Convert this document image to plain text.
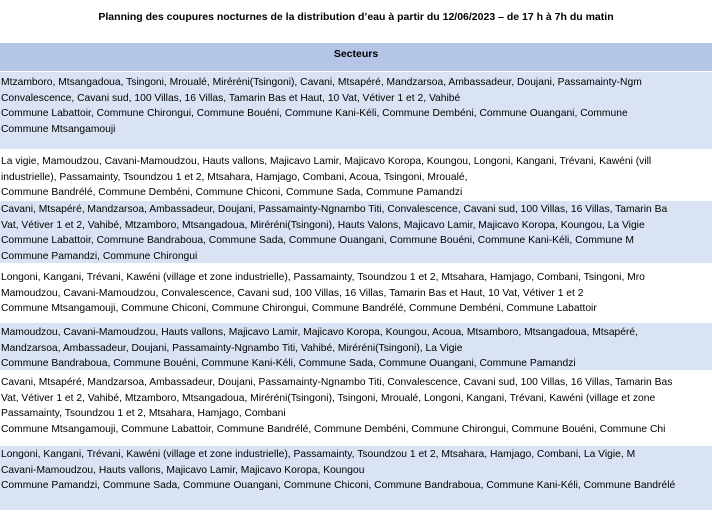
Planning des coupures nocturnes de la distribution d’eau à partir du 12/06/2023 – de 17 h à 7h du matin
Secteurs
Mtzamboro, Mtsangadoua, Tsingoni, Mroualé, Miréréni(Tsingoni), Cavani, Mtsapéré, Mandzarsoa, Ambassadeur, Doujani, Passamainty-Ngm
Convalescence, Cavani sud, 100 Villas, 16 Villas, Tamarin Bas et Haut, 10 Vat, Vétiver 1 et 2, Vahibé
Commune Labattoir, Commune Chirongui, Commune Bouéni, Commune Kani-Kéli, Commune Dembéni, Commune Ouangani, Commune
Commune Mtsangamouji
La vigie, Mamoudzou, Cavani-Mamoudzou, Hauts vallons, Majicavo Lamir, Majicavo Koropa, Koungou, Longoni, Kangani, Trévani, Kawéni (vill
industrielle), Passamainty, Tsoundzou 1 et 2, Mtsahara, Hamjago, Combani, Acoua, Tsingoni, Mroualé,
Commune Bandrélé, Commune Dembéni, Commune Chiconi, Commune Sada, Commune Pamandzi
Cavani, Mtsapéré, Mandzarsoa, Ambassadeur, Doujani, Passamainty-Ngnambo Titi, Convalescence, Cavani sud, 100 Villas, 16 Villas, Tamarin Ba
Vat, Vétiver 1 et 2, Vahibé, Mtzamboro, Mtsangadoua, Miréréni(Tsingoni), Hauts Valons, Majicavo Lamir, Majicavo Koropa, Koungou, La Vigie
Commune Labattoir, Commune Bandraboua, Commune Sada, Commune Ouangani, Commune Bouéni, Commune Kani-Kéli, Commune M
Commune Pamandzi, Commune Chirongui
Longoni, Kangani, Trévani, Kawéni (village et zone industrielle), Passamainty, Tsoundzou 1 et 2, Mtsahara, Hamjago, Combani, Tsingoni, Mro
Mamoudzou, Cavani-Mamoudzou, Convalescence, Cavani sud, 100 Villas, 16 Villas, Tamarin Bas et Haut, 10 Vat, Vétiver 1 et 2
Commune Mtsangamouji, Commune Chiconi, Commune Chirongui, Commune Bandrélé, Commune Dembéni, Commune Labattoir
Mamoudzou, Cavani-Mamoudzou, Hauts vallons, Majicavo Lamir, Majicavo Koropa, Koungou, Acoua, Mtsamboro, Mtsangadoua, Mtsapéré,
Mandzarsoa, Ambassadeur, Doujani, Passamainty-Ngnambo Titi, Vahibé, Miréréni(Tsingoni), La Vigie
Commune Bandraboua, Commune Bouéni, Commune Kani-Kéli, Commune Sada, Commune Ouangani, Commune Pamandzi
Cavani, Mtsapéré, Mandzarsoa, Ambassadeur, Doujani, Passamainty-Ngnambo Titi, Convalescence, Cavani sud, 100 Villas, 16 Villas, Tamarin Bas
Vat, Vétiver 1 et 2, Vahibé, Mtzamboro, Mtsangadoua, Miréréni(Tsingoni), Tsingoni, Mroualé, Longoni, Kangani, Trévani, Kawéni (village et zone
Passamainty, Tsoundzou 1 et 2, Mtsahara, Hamjago, Combani
Commune Mtsangamouji, Commune Labattoir, Commune Bandrélé, Commune Dembéni, Commune Chirongui, Commune Bouéni, Commune Chi
Longoni, Kangani, Trévani, Kawéni (village et zone industrielle), Passamainty, Tsoundzou 1 et 2, Mtsahara, Hamjago, Combani, La Vigie, M
Cavani-Mamoudzou, Hauts vallons, Majicavo Lamir, Majicavo Koropa, Koungou
Commune Pamandzi, Commune Sada, Commune Ouangani, Commune Chiconi, Commune Bandraboua, Commune Kani-Kéli, Commune Bandrélé
